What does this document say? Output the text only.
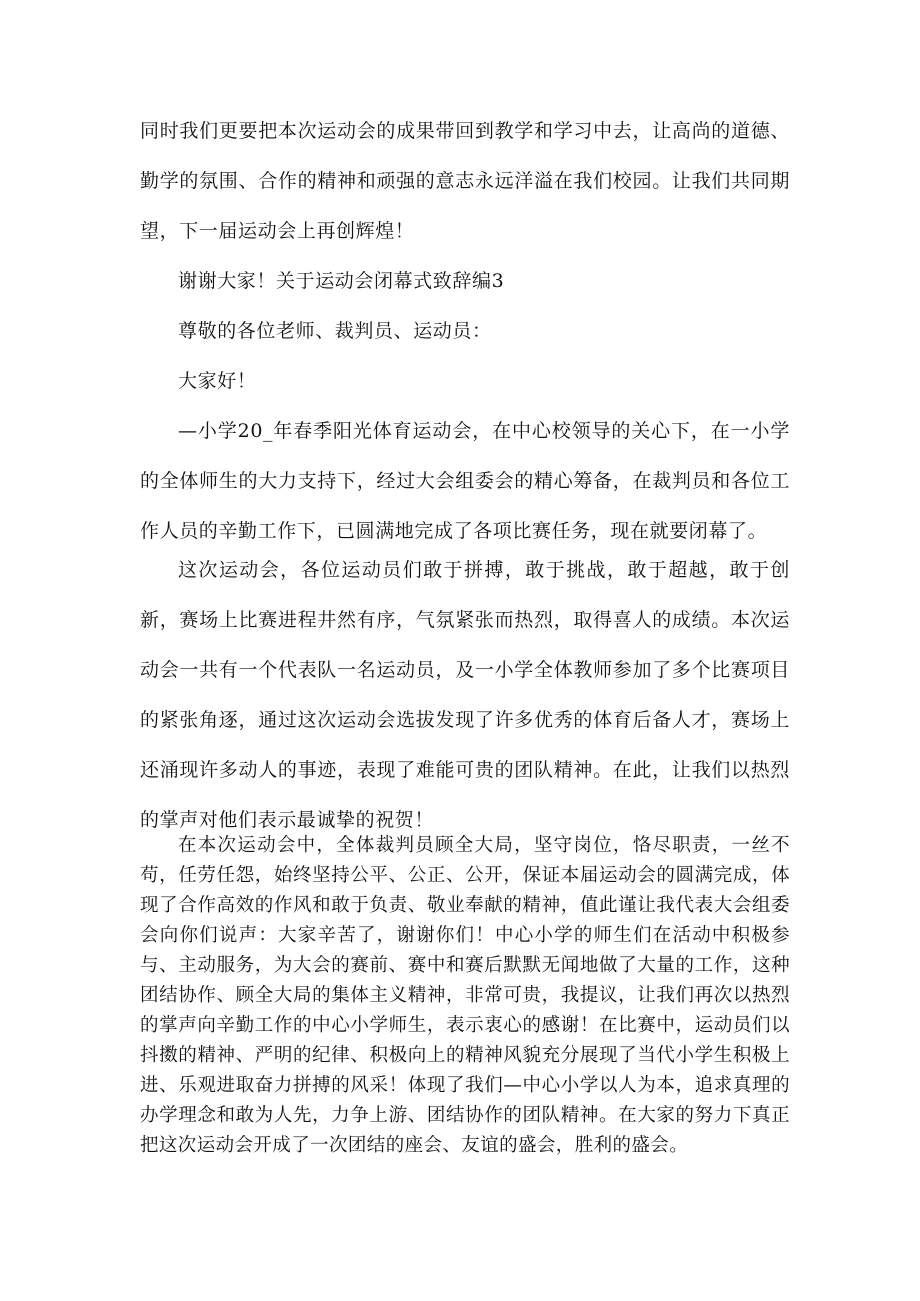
同时我们更要把本次运动会的成果带回到教学和学习中去，让高尚的道德、勤学的氛围、合作的精神和顽强的意志永远洋溢在我们校园。让我们共同期望，下一届运动会上再创辉煌！

谢谢大家！关于运动会闭幕式致辞编3

尊敬的各位老师、裁判员、运动员：

大家好！

—小学20_年春季阳光体育运动会，在中心校领导的关心下，在一小学的全体师生的大力支持下，经过大会组委会的精心筹备，在裁判员和各位工作人员的辛勤工作下，已圆满地完成了各项比赛任务，现在就要闭幕了。

这次运动会，各位运动员们敢于拼搏，敢于挑战，敢于超越，敢于创新，赛场上比赛进程井然有序，气氛紧张而热烈，取得喜人的成绩。本次运动会一共有一个代表队一名运动员，及一小学全体教师参加了多个比赛项目的紧张角逐，通过这次运动会选拔发现了许多优秀的体育后备人才，赛场上还涌现许多动人的事迹，表现了难能可贵的团队精神。在此，让我们以热烈的掌声对他们表示最诚挚的祝贺！

在本次运动会中，全体裁判员顾全大局，坚守岗位，恪尽职责，一丝不苟，任劳任怨，始终坚持公平、公正、公开，保证本届运动会的圆满完成，体现了合作高效的作风和敢于负责、敬业奉献的精神，值此谨让我代表大会组委会向你们说声：大家辛苦了，谢谢你们！中心小学的师生们在活动中积极参与、主动服务，为大会的赛前、赛中和赛后默默无闻地做了大量的工作，这种团结协作、顾全大局的集体主义精神，非常可贵，我提议，让我们再次以热烈的掌声向辛勤工作的中心小学师生，表示衷心的感谢！在比赛中，运动员们以抖擞的精神、严明的纪律、积极向上的精神风貌充分展现了当代小学生积极上进、乐观进取奋力拼搏的风采！体现了我们—中心小学以人为本，追求真理的办学理念和敢为人先，力争上游、团结协作的团队精神。在大家的努力下真正把这次运动会开成了一次团结的座会、友谊的盛会，胜利的盛会。
